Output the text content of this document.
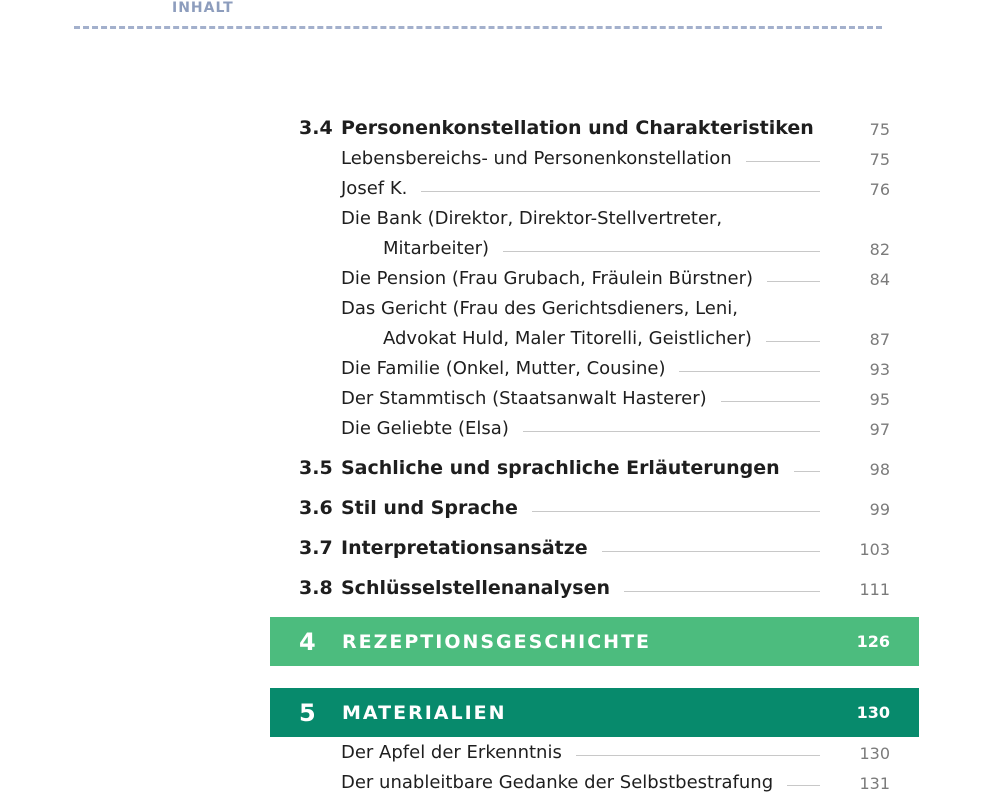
INHALT
3.4 Personenkonstellation und Charakteristiken	75
Lebensbereichs- und Personenkonstellation	75
Josef K.	76
Die Bank (Direktor, Direktor-Stellvertreter,
Mitarbeiter)	82
Die Pension (Frau Grubach, Fräulein Bürstner)	84
Das Gericht (Frau des Gerichtsdieners, Leni,
Advokat Huld, Maler Titorelli, Geistlicher)	87
Die Familie (Onkel, Mutter, Cousine)	93
Der Stammtisch (Staatsanwalt Hasterer)	95
Die Geliebte (Elsa)	97
3.5 Sachliche und sprachliche Erläuterungen	98
3.6 Stil und Sprache	99
3.7 Interpretationsansätze	103
3.8 Schlüsselstellenanalysen	111
4	REZEPTIONSGESCHICHTE	126
5	MATERIALIEN	130
Der Apfel der Erkenntnis	130
Der unableitbare Gedanke der Selbstbestrafung	131
